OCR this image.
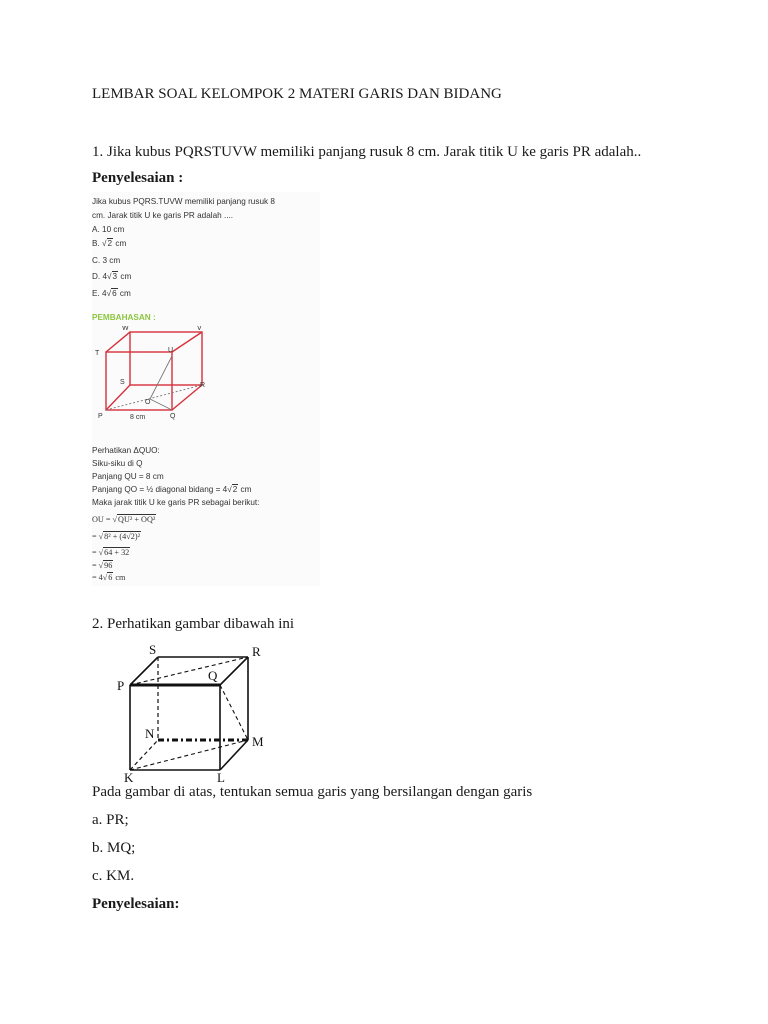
LEMBAR SOAL KELOMPOK 2 MATERI GARIS DAN BIDANG
1. Jika kubus PQRSTUVW memiliki panjang rusuk 8 cm. Jarak titik U ke garis PR adalah..
Penyelesaian :
Jika kubus PQRS.TUVW memiliki panjang rusuk 8
cm. Jarak titik U ke garis PR adalah ....
A. 10 cm
B. √2 cm
C. 3 cm
D. 4√3 cm
E. 4√6 cm
PEMBAHASAN :
W	V
T	U
S	R
O
P	Q
8 cm
Perhatikan ΔQUO:
Siku-siku di Q
Panjang QU = 8 cm
Panjang QO = ½ diagonal bidang = 4√2 cm
Maka jarak titik U ke garis PR sebagai berikut:
OU = √QU² + OQ²
= √8² + (4√2)²
= √64 + 32
= √96
= 4√6 cm
2. Perhatikan gambar dibawah ini
S	R
P
Q
N
M
K	L
Pada gambar di atas, tentukan semua garis yang bersilangan dengan garis
a. PR;
b. MQ;
c. KM.
Penyelesaian:
